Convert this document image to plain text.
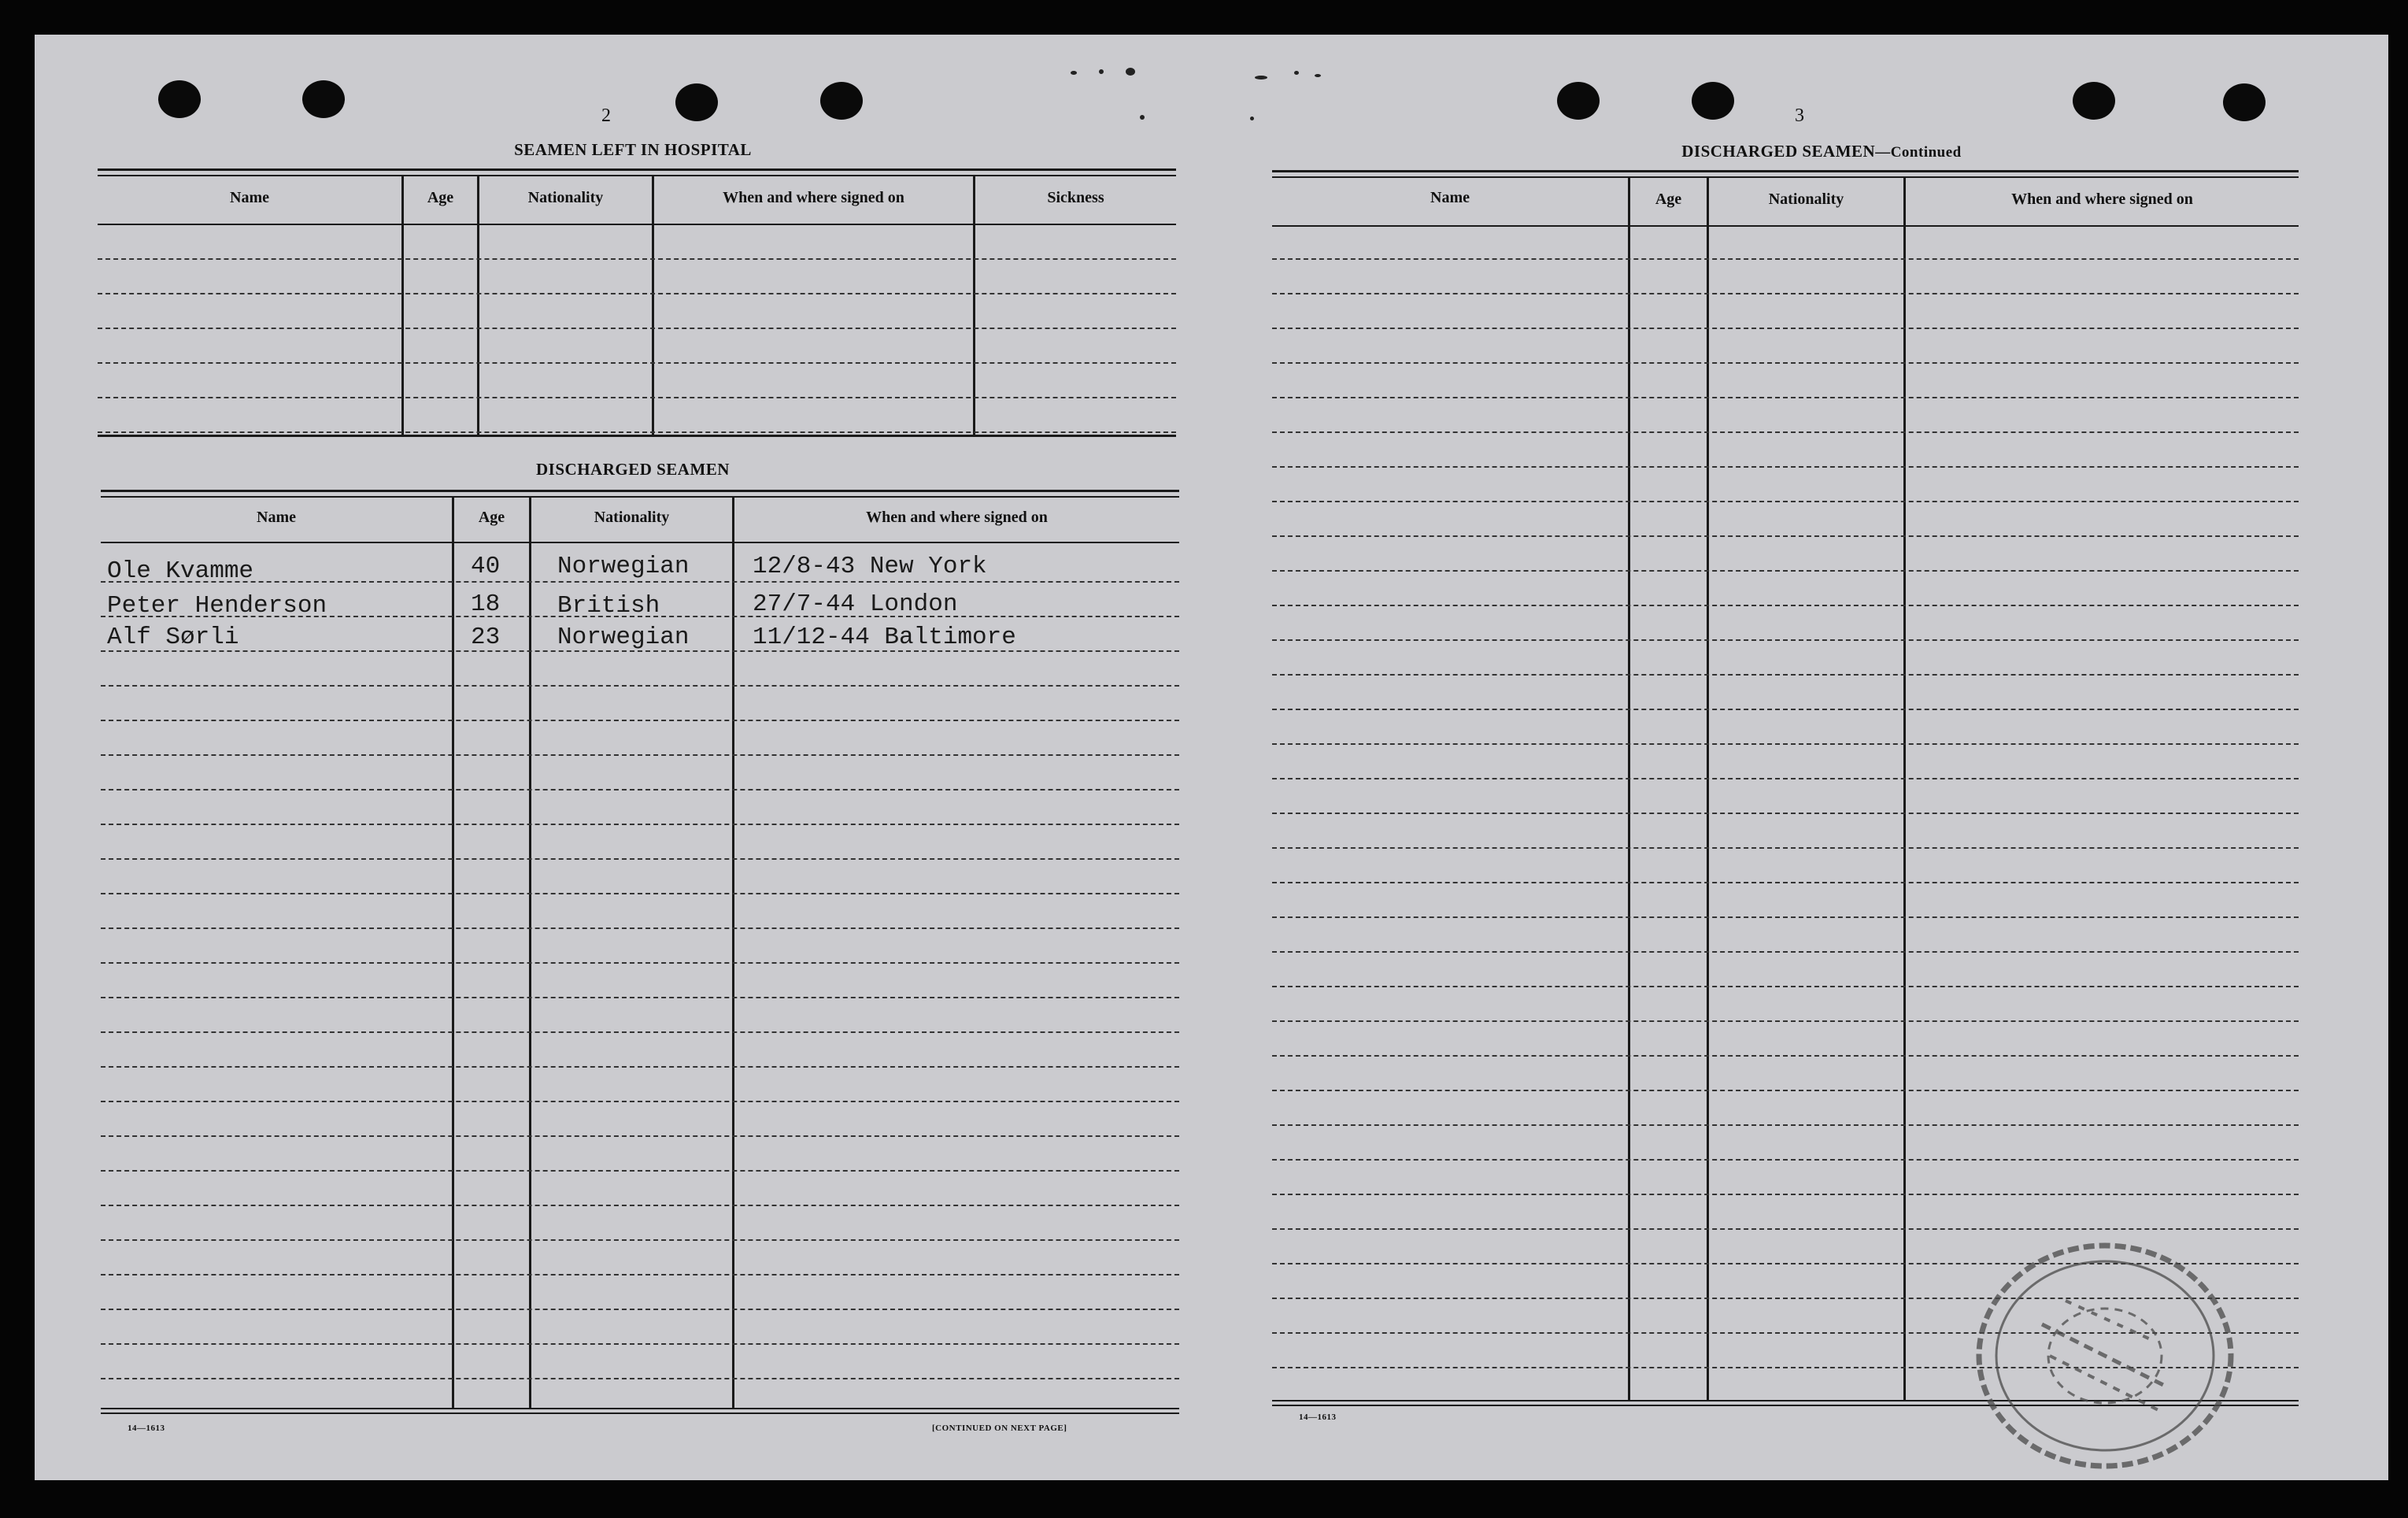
2
SEAMEN LEFT IN HOSPITAL
Name	Age	Nationality	When and where signed on	Sickness
DISCHARGED SEAMEN
Name	Age	Nationality	When and where signed on
Ole Kvamme	40 Norwegian	12/8-43 New York
Peter Henderson	18 British	27/7-44 London
Alf Sørli	23 Norwegian	11/12-44 Baltimore
14—1613	[CONTINUED ON NEXT PAGE]
3
DISCHARGED SEAMEN—Continued
Name	Age	Nationality	When and where signed on
14—1613
